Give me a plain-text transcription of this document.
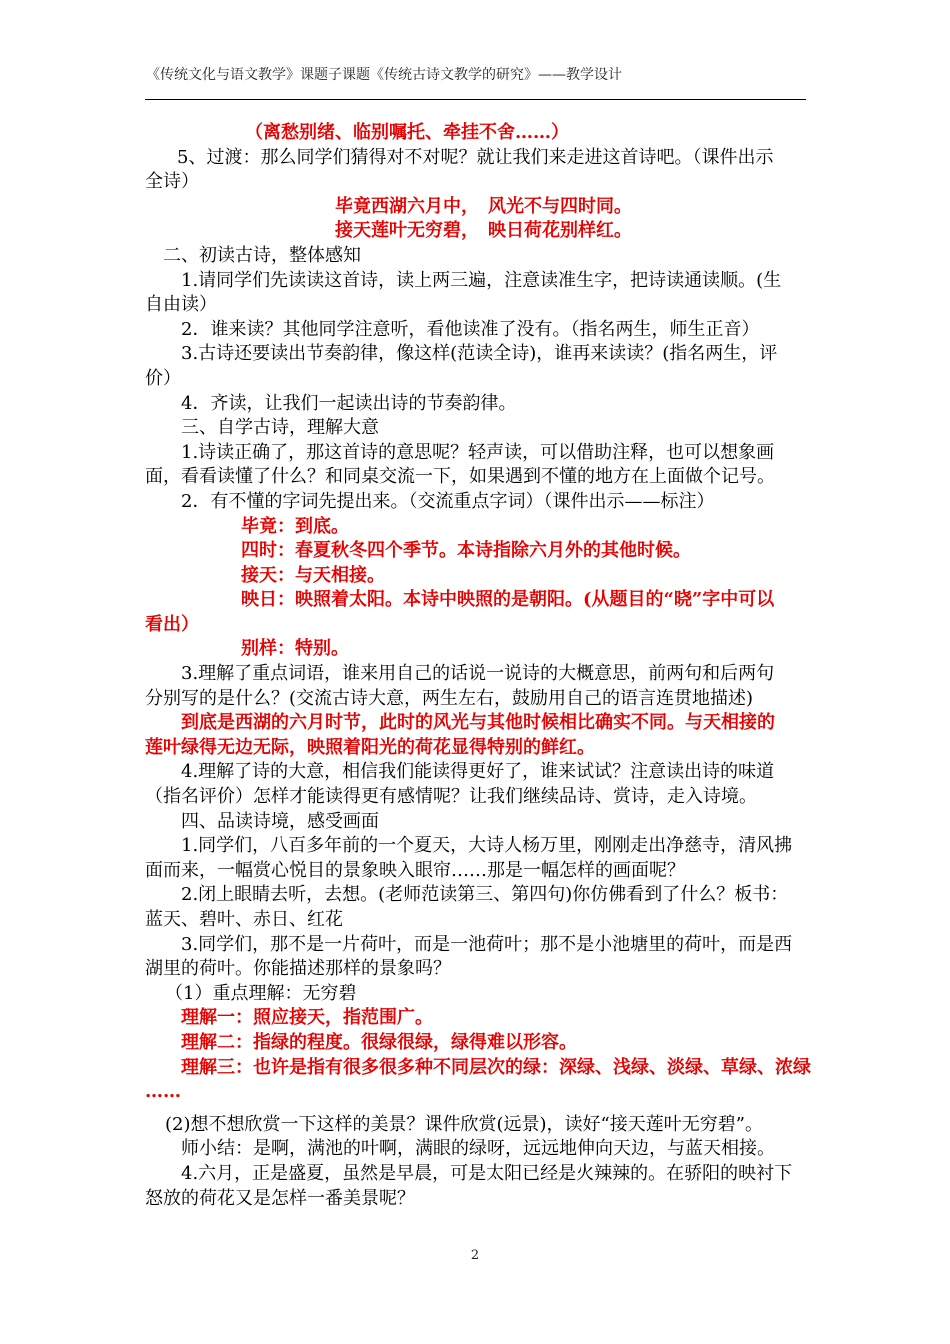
《传统文化与语文教学》课题子课题《传统古诗文教学的研究》——教学设计
（离愁别绪、临别嘱托、牵挂不舍……）
5、过渡：那么同学们猜得对不对呢？就让我们来走进这首诗吧。（课件出示
全诗）
毕竟西湖六月中，　风光不与四时同。
接天莲叶无穷碧，　映日荷花别样红。
二、初读古诗，整体感知
1.请同学们先读读这首诗，读上两三遍，注意读准生字，把诗读通读顺。(生
自由读）
2．谁来读？其他同学注意听，看他读准了没有。（指名两生，师生正音）
3.古诗还要读出节奏韵律，像这样(范读全诗)，谁再来读读？(指名两生，评
价）
4．齐读，让我们一起读出诗的节奏韵律。
三、自学古诗，理解大意
1.诗读正确了，那这首诗的意思呢？轻声读，可以借助注释，也可以想象画
面，看看读懂了什么？和同桌交流一下，如果遇到不懂的地方在上面做个记号。
2．有不懂的字词先提出来。（交流重点字词）（课件出示——标注）
毕竟：到底。
四时：春夏秋冬四个季节。本诗指除六月外的其他时候。
接天：与天相接。
映日：映照着太阳。本诗中映照的是朝阳。(从题目的“晓”字中可以
看出）
别样：特别。
3.理解了重点词语，谁来用自己的话说一说诗的大概意思，前两句和后两句
分别写的是什么？(交流古诗大意，两生左右，鼓励用自己的语言连贯地描述)
到底是西湖的六月时节，此时的风光与其他时候相比确实不同。与天相接的
莲叶绿得无边无际，映照着阳光的荷花显得特别的鲜红。
4.理解了诗的大意，相信我们能读得更好了，谁来试试？注意读出诗的味道
（指名评价）怎样才能读得更有感情呢？让我们继续品诗、赏诗，走入诗境。
四、品读诗境，感受画面
1.同学们，八百多年前的一个夏天，大诗人杨万里，刚刚走出净慈寺，清风拂
面而来，一幅赏心悦目的景象映入眼帘……那是一幅怎样的画面呢？
2.闭上眼睛去听，去想。(老师范读第三、第四句)你仿佛看到了什么？板书：
蓝天、碧叶、赤日、红花
3.同学们，那不是一片荷叶，而是一池荷叶；那不是小池塘里的荷叶，而是西
湖里的荷叶。你能描述那样的景象吗？
（1）重点理解：无穷碧
理解一：照应接天，指范围广。
理解二：指绿的程度。很绿很绿，绿得难以形容。
理解三：也许是指有很多很多种不同层次的绿：深绿、浅绿、淡绿、草绿、浓绿
……
(2)想不想欣赏一下这样的美景？课件欣赏(远景)，读好“接天莲叶无穷碧”。
师小结：是啊，满池的叶啊，满眼的绿呀，远远地伸向天边，与蓝天相接。
4.六月，正是盛夏，虽然是早晨，可是太阳已经是火辣辣的。在骄阳的映衬下
怒放的荷花又是怎样一番美景呢？
2
